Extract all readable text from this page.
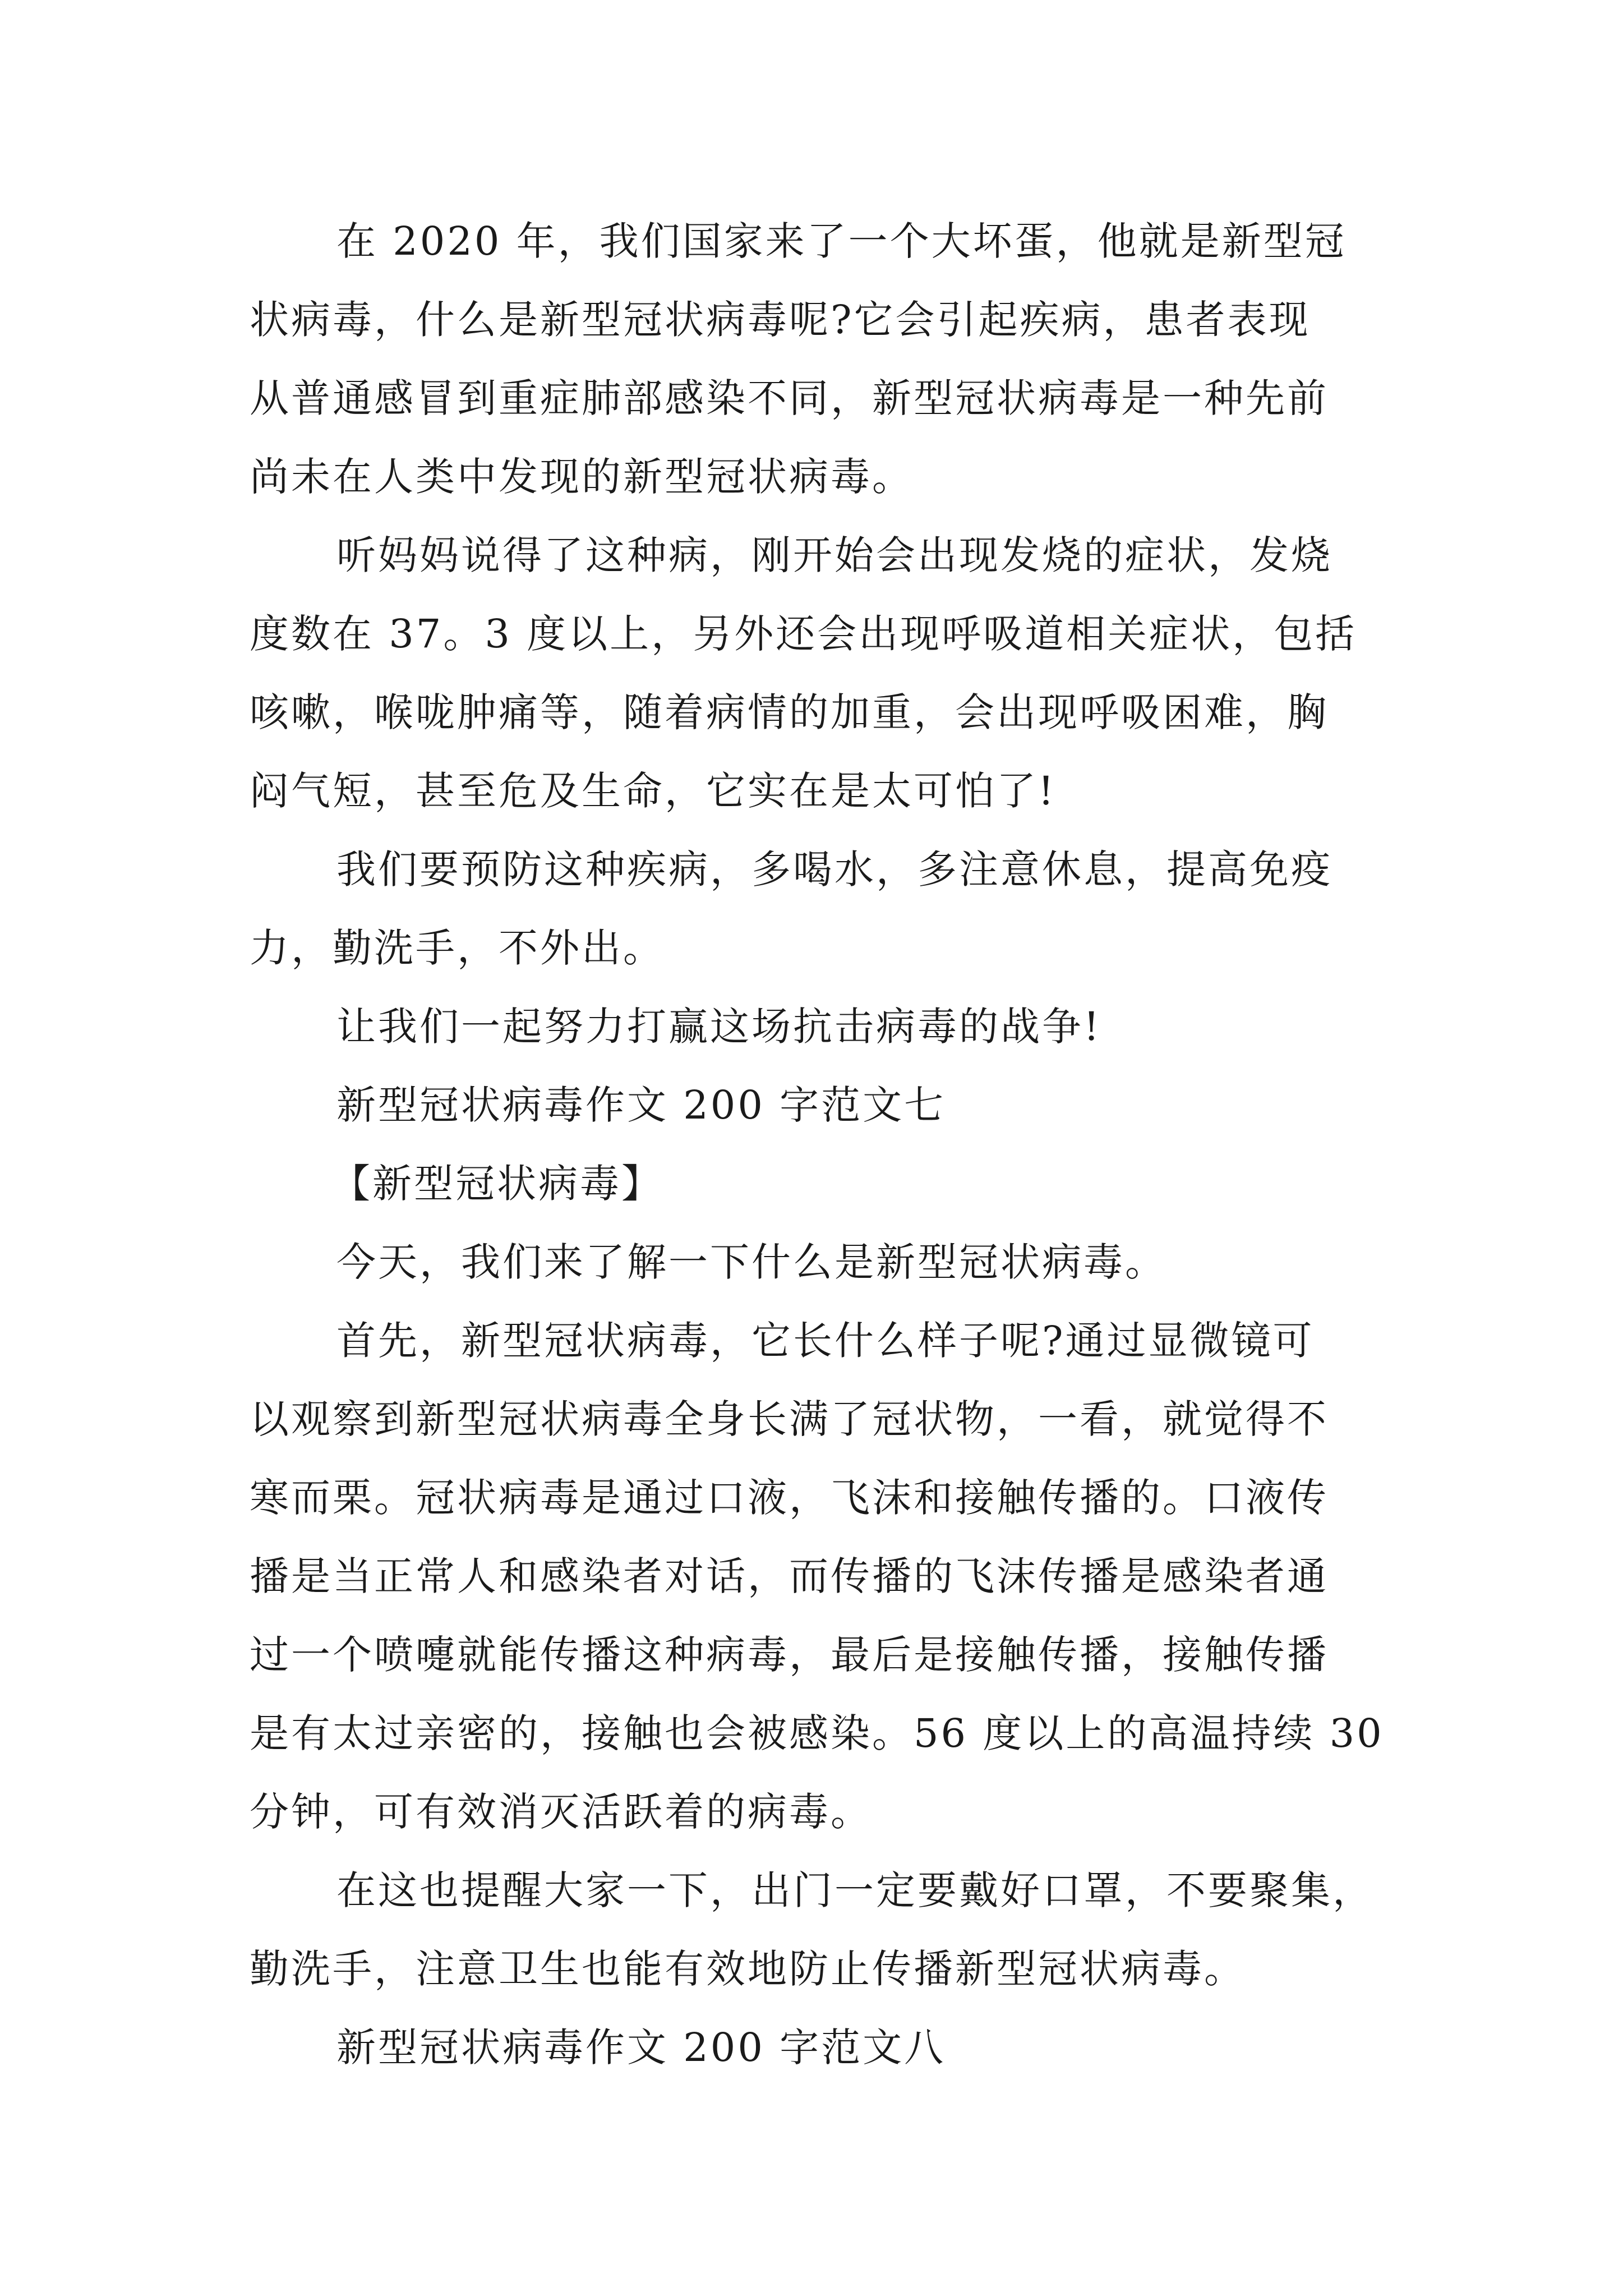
在 2020 年，我们国家来了一个大坏蛋，他就是新型冠

状病毒，什么是新型冠状病毒呢?它会引起疾病，患者表现

从普通感冒到重症肺部感染不同，新型冠状病毒是一种先前

尚未在人类中发现的新型冠状病毒。

听妈妈说得了这种病，刚开始会出现发烧的症状，发烧

度数在 37。3 度以上，另外还会出现呼吸道相关症状，包括

咳嗽，喉咙肿痛等，随着病情的加重，会出现呼吸困难，胸

闷气短，甚至危及生命，它实在是太可怕了!

我们要预防这种疾病，多喝水，多注意休息，提高免疫

力，勤洗手，不外出。

让我们一起努力打赢这场抗击病毒的战争!

新型冠状病毒作文 200 字范文七

【新型冠状病毒】

今天，我们来了解一下什么是新型冠状病毒。

首先，新型冠状病毒，它长什么样子呢?通过显微镜可

以观察到新型冠状病毒全身长满了冠状物，一看，就觉得不

寒而栗。冠状病毒是通过口液，飞沫和接触传播的。口液传

播是当正常人和感染者对话，而传播的飞沫传播是感染者通

过一个喷嚏就能传播这种病毒，最后是接触传播，接触传播

是有太过亲密的，接触也会被感染。56 度以上的高温持续 30

分钟，可有效消灭活跃着的病毒。

在这也提醒大家一下，出门一定要戴好口罩，不要聚集，

勤洗手，注意卫生也能有效地防止传播新型冠状病毒。

新型冠状病毒作文 200 字范文八
